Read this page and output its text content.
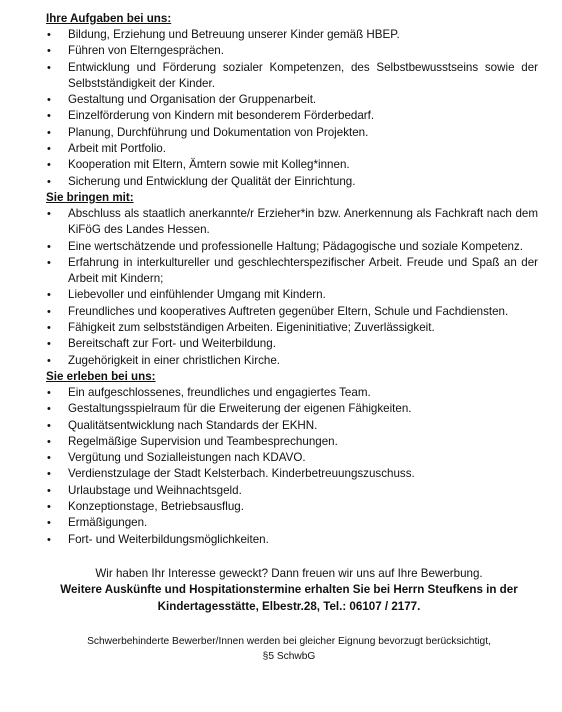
Ihre Aufgaben bei uns:
• Bildung, Erziehung und Betreuung unserer Kinder gemäß HBEP.
• Führen von Elterngesprächen.
• Entwicklung und Förderung sozialer Kompetenzen, des Selbstbewusstseins sowie der Selbstständigkeit der Kinder.
• Gestaltung und Organisation der Gruppenarbeit.
• Einzelförderung von Kindern mit besonderem Förderbedarf.
• Planung, Durchführung und Dokumentation von Projekten.
• Arbeit mit Portfolio.
• Kooperation mit Eltern, Ämtern sowie mit Kolleg*innen.
• Sicherung und Entwicklung der Qualität der Einrichtung.
Sie bringen mit:
• Abschluss als staatlich anerkannte/r Erzieher*in bzw. Anerkennung als Fachkraft nach dem KiFöG des Landes Hessen.
• Eine wertschätzende und professionelle Haltung; Pädagogische und soziale Kompetenz.
• Erfahrung in interkultureller und geschlechterspezifischer Arbeit. Freude und Spaß an der Arbeit mit Kindern;
• Liebevoller und einfühlender Umgang mit Kindern.
• Freundliches und kooperatives Auftreten gegenüber Eltern, Schule und Fachdiensten.
• Fähigkeit zum selbstständigen Arbeiten. Eigeninitiative; Zuverlässigkeit.
• Bereitschaft zur Fort- und Weiterbildung.
• Zugehörigkeit in einer christlichen Kirche.
Sie erleben bei uns:
• Ein aufgeschlossenes, freundliches und engagiertes Team.
• Gestaltungsspielraum für die Erweiterung der eigenen Fähigkeiten.
• Qualitätsentwicklung nach Standards der EKHN.
• Regelmäßige Supervision und Teambesprechungen.
• Vergütung und Sozialleistungen nach KDAVO.
• Verdienstzulage der Stadt Kelsterbach. Kinderbetreuungszuschuss.
• Urlaubstage und Weihnachtsgeld.
• Konzeptionstage, Betriebsausflug.
• Ermäßigungen.
• Fort- und Weiterbildungsmöglichkeiten.
Wir haben Ihr Interesse geweckt? Dann freuen wir uns auf Ihre Bewerbung.
Weitere Auskünfte und Hospitationstermine erhalten Sie bei Herrn Steufkens in der Kindertagesstätte, Elbestr.28, Tel.: 06107 / 2177.
Schwerbehinderte Bewerber/Innen werden bei gleicher Eignung bevorzugt berücksichtigt,
§5 SchwbG
